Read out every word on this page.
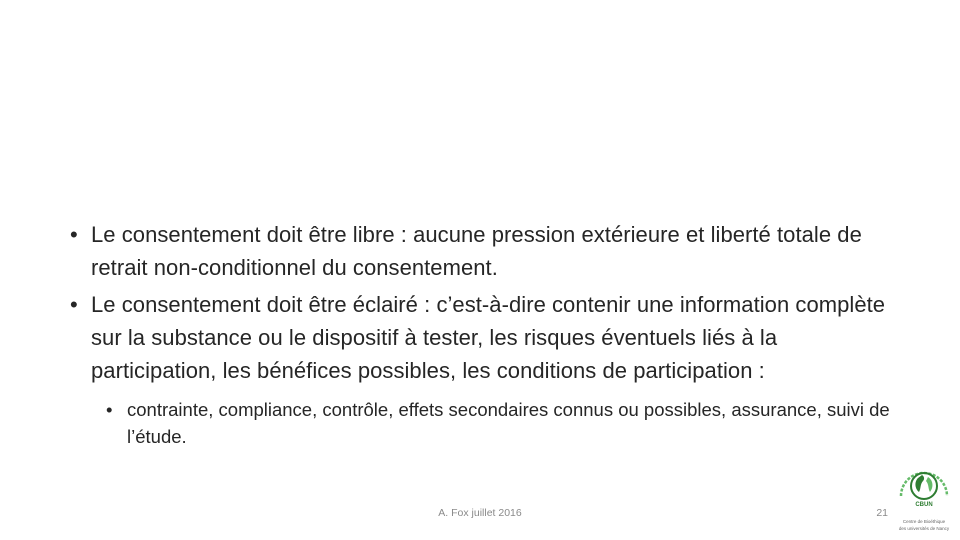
• Le consentement doit être libre : aucune pression extérieure et liberté totale de retrait non-conditionnel du consentement.
• Le consentement doit être éclairé : c’est-à-dire contenir une information complète sur la substance ou le dispositif à tester, les risques éventuels liés à la participation, les bénéfices possibles, les conditions de participation :
• contrainte, compliance, contrôle, effets secondaires connus ou possibles, assurance, suivi de l’étude.
A. Fox juillet 2016	21
CBUN
Centre de Bioéthique
des universités de Nancy
